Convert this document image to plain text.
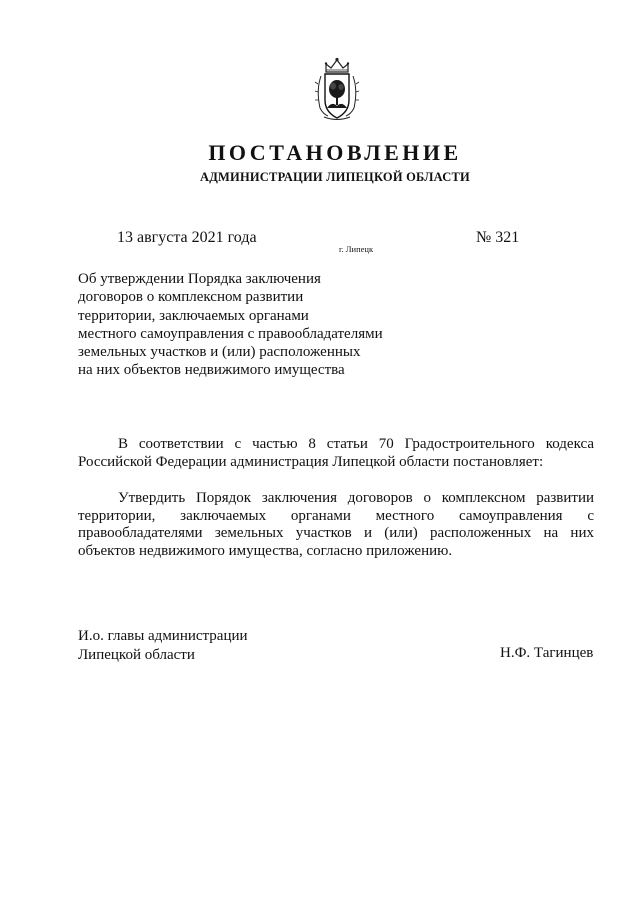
ПОСТАНОВЛЕНИЕ
АДМИНИСТРАЦИИ ЛИПЕЦКОЙ ОБЛАСТИ
13 августа 2021 года
г. Липецк
№ 321
Об утверждении Порядка заключения
договоров о комплексном развитии
территории, заключаемых органами
местного самоуправления с правообладателями
земельных участков и (или) расположенных
на них объектов недвижимого имущества
В соответствии с частью 8 статьи 70 Градостроительного кодекса Российской Федерации администрация Липецкой области постановляет:
Утвердить Порядок заключения договоров о комплексном развитии территории, заключаемых органами местного самоуправления с правообладателями земельных участков и (или) расположенных на них объектов недвижимого имущества, согласно приложению.
И.о. главы администрации
Липецкой области	Н.Ф. Тагинцев
